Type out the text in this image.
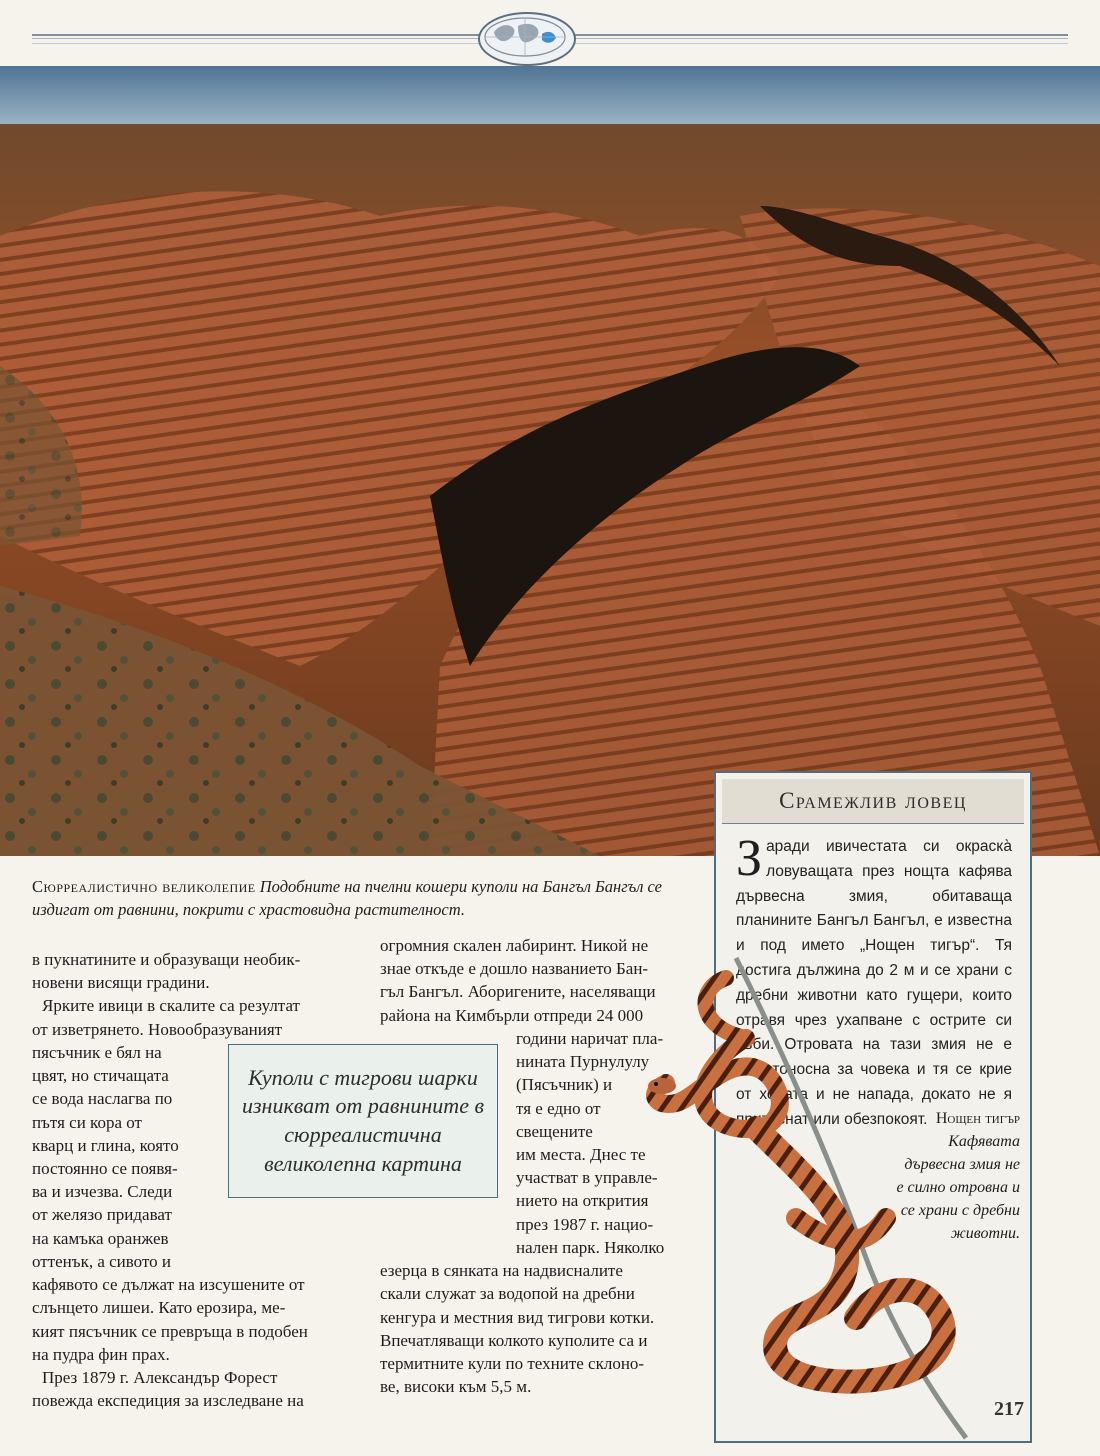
Сюрреалистично великолепие Подобните на пчелни кошери куполи на Бангъл Бангъл се издигат от равнини, покрити с храстовидна растителност.
в пукнатините и образуващи необик-
новени висящи градини.
Ярките ивици в скалите са резултат
от изветрянето. Новообразуваният
пясъчник е бял на
цвят, но стичащата
се вода наслагва по
пътя си кора от
кварц и глина, която
постоянно се появя-
ва и изчезва. Следи
от желязо придават
на камъка оранжев
оттенък, а сивото и
кафявото се дължат на изсушените от
слънцето лишеи. Като ерозира, ме-
кият пясъчник се превръща в подобен
на пудра фин прах.
През 1879 г. Александър Форест
повежда експедиция за изследване на
огромния скален лабиринт. Никой не
знае откъде е дошло названието Бан-
гъл Бангъл. Аборигените, населяващи
района на Кимбърли отпреди 24 000
години наричат пла-
нината Пурнулулу
(Пясъчник) и
тя е едно от
свещените
им места. Днес те
участват в управле-
нието на открития
през 1987 г. нацио-
нален парк. Няколко
езерца в сянката на надвисналите
скали служат за водопой на дребни
кенгура и местния вид тигрови котки.
Впечатляващи колкото куполите са и
термитните кули по техните склоно-
ве, високи към 5,5 м.

Куполи с тигрови шарки изникват от равнините в сюрреалистична великолепна картина

Срамежлив ловец
З аради ивичестата си окраска̀ ловуващата през нощта кафява дървесна змия, обитаваща планините Бангъл Бангъл, е известна и под името „Нощен тигър“. Тя достига дължина до 2 м и се храни с дребни животни като гущери, които отравя чрез ухапване с острите си зъби. Отровата на тази змия не е смъртоносна за човека и тя се крие от хората и не напада, докато не я притиснат или обезпокоят. Нощен тигър Кафявата дървесна змия не е силно отровна и се храни с дребни животни.
217
